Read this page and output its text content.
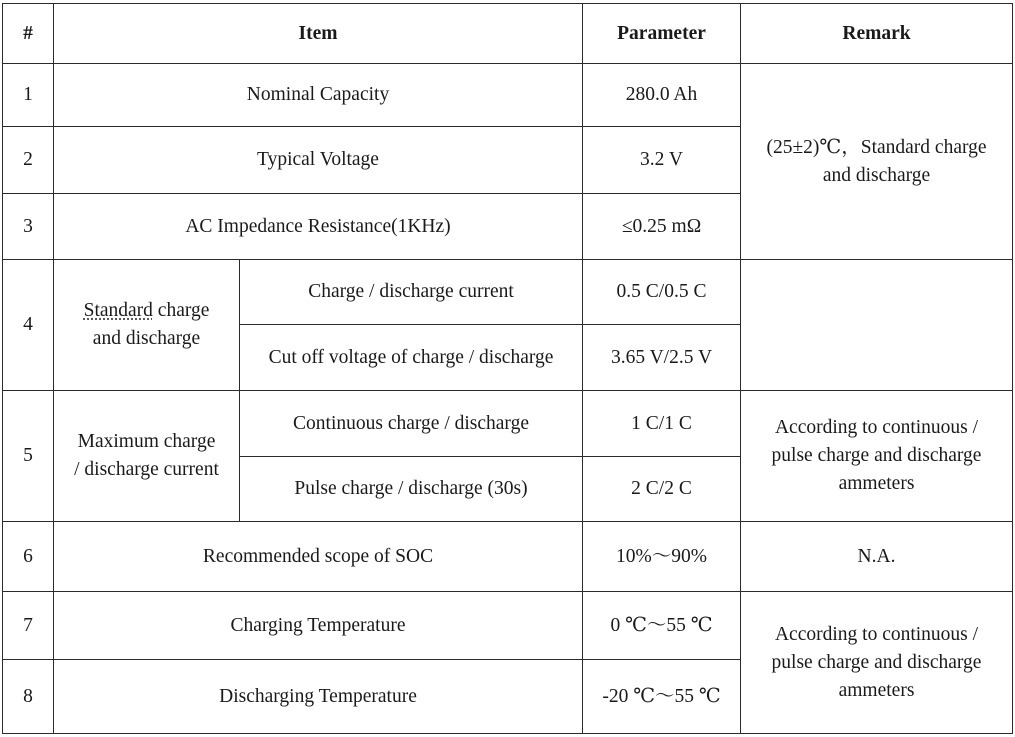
#	Item		Parameter	Remark
1	Nominal Capacity		280.0 Ah	(25±2)℃，Standard charge
and discharge
2	Typical Voltage		3.2 V	
3	AC Impedance Resistance(1KHz)		≤0.25 mΩ	
4	Standard charge
and discharge	Charge / discharge current	0.5 C/0.5 C	
		Cut off voltage of charge / discharge	3.65 V/2.5 V	
5	Maximum charge
/ discharge current	Continuous charge / discharge	1 C/1 C	According to continuous /
pulse charge and discharge
ammeters
		Pulse charge / discharge (30s)	2 C/2 C	
6	Recommended scope of SOC		10%～90%	N.A.
7	Charging Temperature		0 ℃～55 ℃	According to continuous /
pulse charge and discharge
ammeters
8	Discharging Temperature		-20 ℃～55 ℃	
